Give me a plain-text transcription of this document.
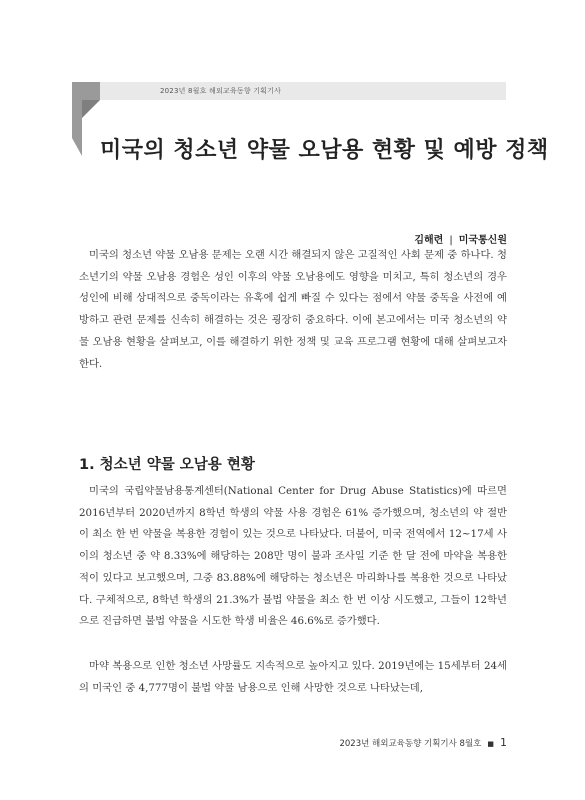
2023년 8월호 해외교육동향 기획기사
미국의 청소년 약물 오남용 현황 및 예방 정책
김해련 | 미국통신원

미국의 청소년 약물 오남용 문제는 오랜 시간 해결되지 않은 고질적인 사회 문제 중 하나다. 청소년기의 약물 오남용 경험은 성인 이후의 약물 오남용에도 영향을 미치고, 특히 청소년의 경우 성인에 비해 상대적으로 중독이라는 유혹에 쉽게 빠질 수 있다는 점에서 약물 중독을 사전에 예방하고 관련 문제를 신속히 해결하는 것은 굉장히 중요하다. 이에 본고에서는 미국 청소년의 약물 오남용 현황을 살펴보고, 이를 해결하기 위한 정책 및 교육 프로그램 현황에 대해 살펴보고자 한다.

1. 청소년 약물 오남용 현황

미국의 국립약물남용통계센터(National Center for Drug Abuse Statistics)에 따르면 2016년부터 2020년까지 8학년 학생의 약물 사용 경험은 61% 증가했으며, 청소년의 약 절반이 최소 한 번 약물을 복용한 경험이 있는 것으로 나타났다. 더불어, 미국 전역에서 12~17세 사이의 청소년 중 약 8.33%에 해당하는 208만 명이 불과 조사일 기준 한 달 전에 마약을 복용한 적이 있다고 보고했으며, 그중 83.88%에 해당하는 청소년은 마리화나를 복용한 것으로 나타났다. 구체적으로, 8학년 학생의 21.3%가 불법 약물을 최소 한 번 이상 시도했고, 그들이 12학년으로 진급하면 불법 약물을 시도한 학생 비율은 46.6%로 증가했다.

마약 복용으로 인한 청소년 사망률도 지속적으로 높아지고 있다. 2019년에는 15세부터 24세의 미국인 중 4,777명이 불법 약물 남용으로 인해 사망한 것으로 나타났는데,

2023년 해외교육동향 기획기사 8월호 ■ 1
